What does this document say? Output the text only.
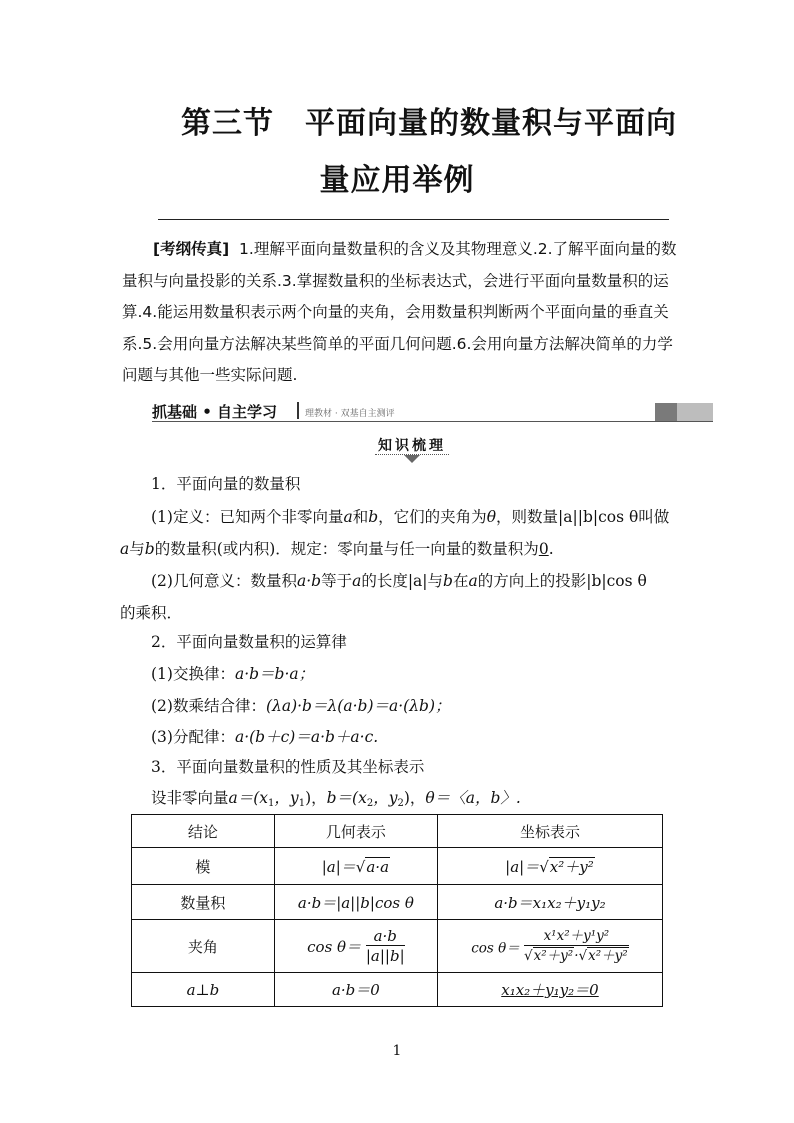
第三节　平面向量的数量积与平面向
量应用举例
[考纲传真] 1.理解平面向量数量积的含义及其物理意义.2.了解平面向量的数量积与向量投影的关系.3.掌握数量积的坐标表达式，会进行平面向量数量积的运算.4.能运用数量积表示两个向量的夹角，会用数量积判断两个平面向量的垂直关系.5.会用向量方法解决某些简单的平面几何问题.6.会用向量方法解决简单的力学问题与其他一些实际问题.
抓基础 • 自主学习	理教材 · 双基自主测评
知识梳理
1．平面向量的数量积
(1)定义：已知两个非零向量a和b，它们的夹角为θ，则数量|a||b|cos θ叫做
a与b的数量积(或内积)．规定：零向量与任一向量的数量积为0.
(2)几何意义：数量积a·b等于a的长度|a|与b在a的方向上的投影|b|cos θ
的乘积．
2．平面向量数量积的运算律
(1)交换律：a·b＝b·a；
(2)数乘结合律：(λa)·b＝λ(a·b)＝a·(λb)；
(3)分配律：a·(b＋c)＝a·b＋a·c.
3．平面向量数量积的性质及其坐标表示
设非零向量$a=(x_1$，$y_1$)，$b=(x_2$，$y_2$)，θ＝〈a，b〉.
结论	几何表示	坐标表示
模	|a|＝√a·a	|a|＝√x²＋y²
数量积	a·b＝|a||b|cos θ	a·b＝x₁x₂＋y₁y₂
夹角	$\cos \theta= \frac{a\cdot b}{|a||b|}$	$\cos \theta= \frac{\text{x¹x²＋y¹y²}}{\text{√x²＋y²·√x²＋y²}}$

a⊥b	a·b＝0	x₁x₂＋y₁y₂＝0
1
